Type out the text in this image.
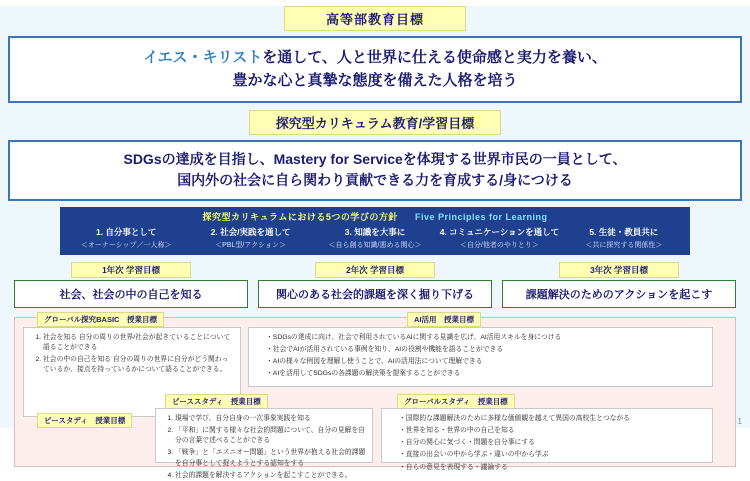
高等部教育目標
イエス・キリストを通して、人と世界に仕える使命感と実力を養い、
豊かな心と真摯な態度を備えた人格を培う
探究型カリキュラム教育/学習目標
SDGsの達成を目指し、Mastery for Serviceを体現する世界市民の一員として、
国内外の社会に自ら関わり貢献できる力を育成する/身につける
探究型カリキュラムにおける5つの学びの方針 Five Principles for Learning
1. 自分事として
＜オーナーシップ／一人称＞
2. 社会/実践を通して
＜PBL型/アクション＞
3. 知識を大事に
＜自ら創る知識/悪める関心＞
4. コミュニケーションを通して
＜自分/他者のやりとり＞
5. 生徒・教員共に
＜共に探究する関係性＞
1年次 学習目標
社会、社会の中の自己を知る
2年次 学習目標
関心のある社会的課題を深く掘り下げる
3年次 学習目標
課題解決のためのアクションを起こす
グローバル探究BASIC　授業目標
1. 社会を知る 自分の周りの世界/社会が起きていることについて語ることができる
2. 社会の中の自己を知る 自分の周りの世界に自分がどう関わっているか、接点を持っているかについて語ることができる。
AI活用　授業目標
・ SDGsの達成に向け、社会で利用されているAIに関する見識を広げ、AI活用スキルを身につける
・ 社会でAIが活用されている事例を知り、AIの役割や機能を語ることができる
・ AIの様々な例図を理解し使うことで、AIの活用法について理解できる
・ AIを活用してSDGsの各課題の解決策を提案することができる
ピースタディ　授業目標
ビーススタディ　授業目標
1. 現場で学び、自分自身の一次事象実践を知る
2. 「平和」に関する様々な社会的問題について、自分の見解を自分の言葉で述べることができる
3. 「戦争」と「エスニオー問題」という世界が抱える社会的課題を自分事として捉えようとする認知をする
4. 社会的課題を解決するアクションを起こすことができる。
グローバルスタディ　授業目標
・ 国際的な課題解決のために多様な価値観を越えて異国の高校生とつながる
・ 世界を知る・世界の中の自己を知る
・ 自分の関心に気づく・問題を自分事にする
・ 直接の出会いの中から学ぶ・違いの中から学ぶ
・ 自らの意見を表現する・議論する
1
